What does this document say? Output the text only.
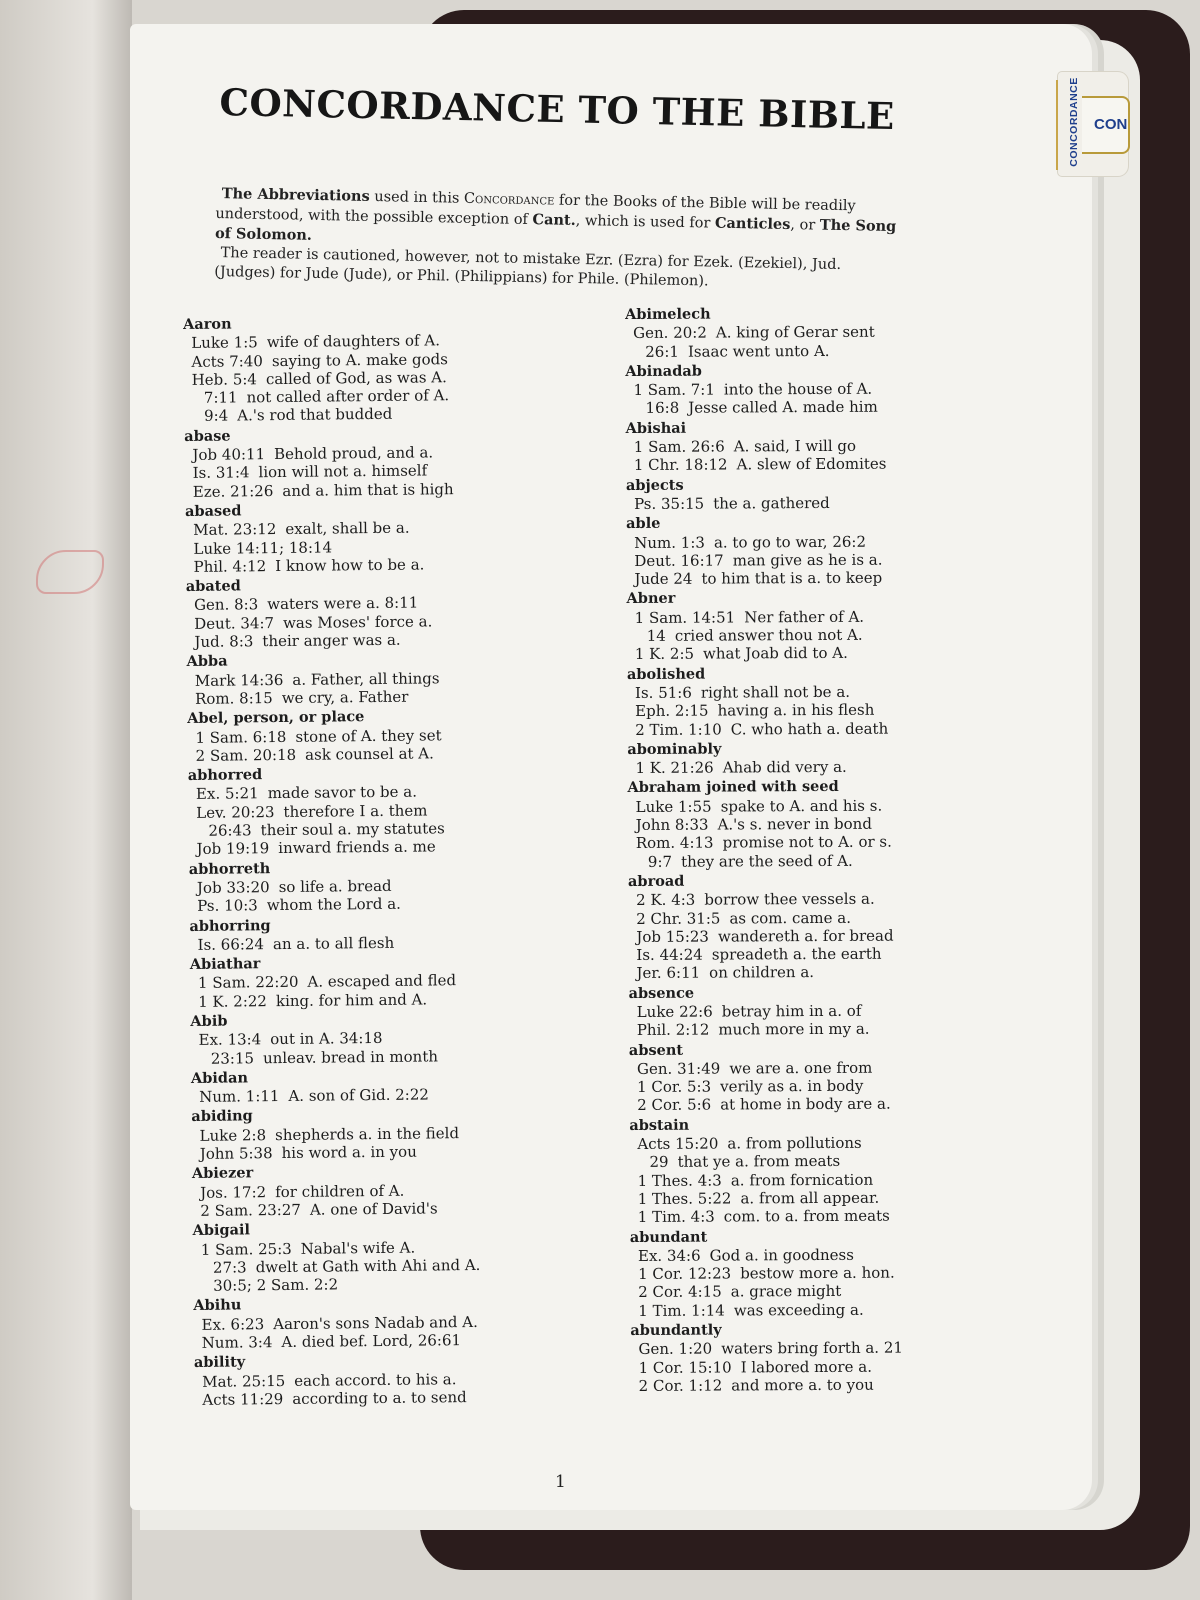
CONCORDANCE TO THE BIBLE

The Abbreviations used in this Concordance for the Books of the Bible will be readily understood, with the possible exception of Cant., which is used for Canticles, or The Song of Solomon.

The reader is cautioned, however, not to mistake Ezr. (Ezra) for Ezek. (Ezekiel), Jud. (Judges) for Jude (Jude), or Phil. (Philippians) for Phile. (Philemon).

Aaron
Luke 1:5 wife of daughters of A.
Acts 7:40 saying to A. make gods
Heb. 5:4 called of God, as was A.
7:11 not called after order of A.
9:4 A.'s rod that budded
abase
Job 40:11 Behold proud, and a.
Is. 31:4 lion will not a. himself
Eze. 21:26 and a. him that is high
abased
Mat. 23:12 exalt, shall be a.
Luke 14:11; 18:14
Phil. 4:12 I know how to be a.
abated
Gen. 8:3 waters were a. 8:11
Deut. 34:7 was Moses' force a.
Jud. 8:3 their anger was a.
Abba
Mark 14:36 a. Father, all things
Rom. 8:15 we cry, a. Father
Abel, person, or place
1 Sam. 6:18 stone of A. they set
2 Sam. 20:18 ask counsel at A.
abhorred
Ex. 5:21 made savor to be a.
Lev. 20:23 therefore I a. them
26:43 their soul a. my statutes
Job 19:19 inward friends a. me
abhorreth
Job 33:20 so life a. bread
Ps. 10:3 whom the Lord a.
abhorring
Is. 66:24 an a. to all flesh
Abiathar
1 Sam. 22:20 A. escaped and fled
1 K. 2:22 king. for him and A.
Abib
Ex. 13:4 out in A. 34:18
23:15 unleav. bread in month
Abidan
Num. 1:11 A. son of Gid. 2:22
abiding
Luke 2:8 shepherds a. in the field
John 5:38 his word a. in you
Abiezer
Jos. 17:2 for children of A.
2 Sam. 23:27 A. one of David's
Abigail
1 Sam. 25:3 Nabal's wife A.
27:3 dwelt at Gath with Ahi and A.
30:5; 2 Sam. 2:2
Abihu
Ex. 6:23 Aaron's sons Nadab and A.
Num. 3:4 A. died bef. Lord, 26:61
ability
Mat. 25:15 each accord. to his a.
Acts 11:29 according to a. to send
Abimelech
Gen. 20:2 A. king of Gerar sent
26:1 Isaac went unto A.
Abinadab
1 Sam. 7:1 into the house of A.
16:8 Jesse called A. made him
Abishai
1 Sam. 26:6 A. said, I will go
1 Chr. 18:12 A. slew of Edomites
abjects
Ps. 35:15 the a. gathered
able
Num. 1:3 a. to go to war, 26:2
Deut. 16:17 man give as he is a.
Jude 24 to him that is a. to keep
Abner
1 Sam. 14:51 Ner father of A.
14 cried answer thou not A.
1 K. 2:5 what Joab did to A.
abolished
Is. 51:6 right shall not be a.
Eph. 2:15 having a. in his flesh
2 Tim. 1:10 C. who hath a. death
abominably
1 K. 21:26 Ahab did very a.
Abraham joined with seed
Luke 1:55 spake to A. and his s.
John 8:33 A.'s s. never in bond
Rom. 4:13 promise not to A. or s.
9:7 they are the seed of A.
abroad
2 K. 4:3 borrow thee vessels a.
2 Chr. 31:5 as com. came a.
Job 15:23 wandereth a. for bread
Is. 44:24 spreadeth a. the earth
Jer. 6:11 on children a.
absence
Luke 22:6 betray him in a. of
Phil. 2:12 much more in my a.
absent
Gen. 31:49 we are a. one from
1 Cor. 5:3 verily as a. in body
2 Cor. 5:6 at home in body are a.
abstain
Acts 15:20 a. from pollutions
29 that ye a. from meats
1 Thes. 4:3 a. from fornication
1 Thes. 5:22 a. from all appear.
1 Tim. 4:3 com. to a. from meats
abundant
Ex. 34:6 God a. in goodness
1 Cor. 12:23 bestow more a. hon.
2 Cor. 4:15 a. grace might
1 Tim. 1:14 was exceeding a.
abundantly
Gen. 1:20 waters bring forth a. 21
1 Cor. 15:10 I labored more a.
2 Cor. 1:12 and more a. to you
1
CON
CONCORDANCE
